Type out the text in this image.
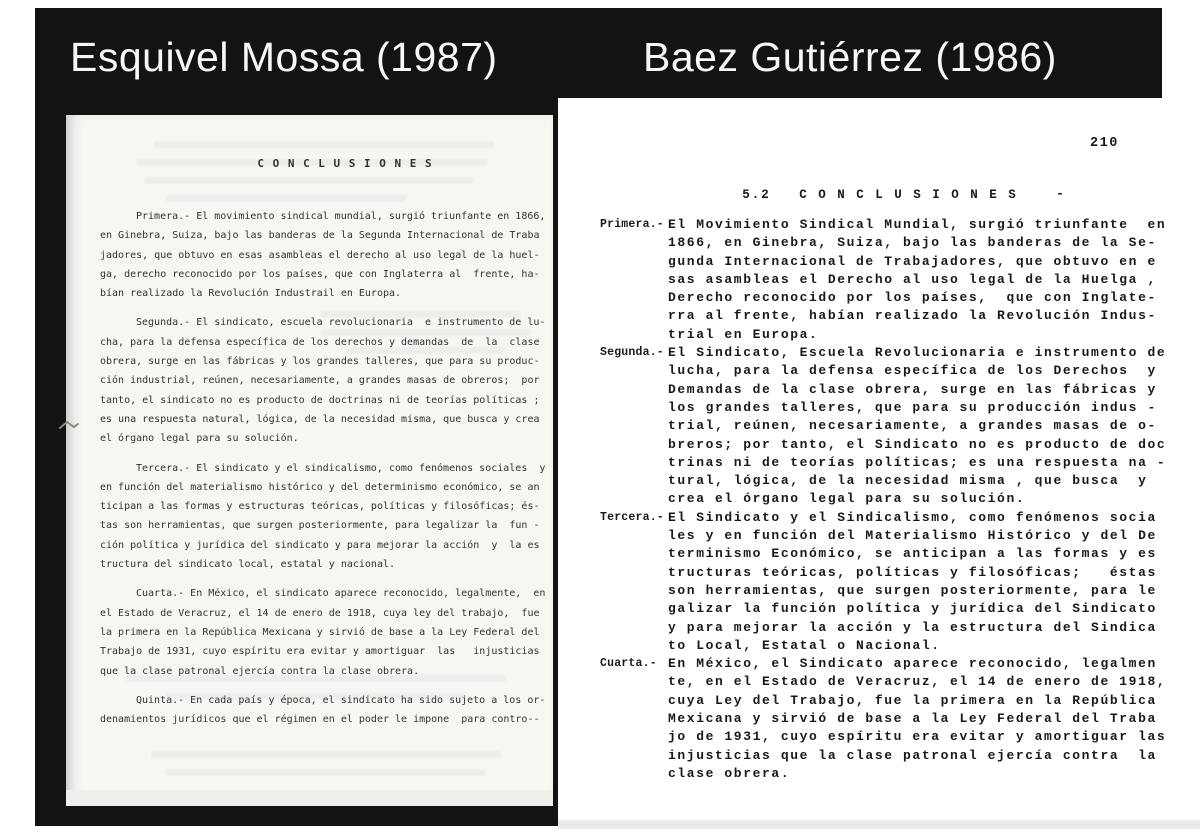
Esquivel Mossa (1987)	Baez Gutiérrez (1986)
C O N C L U S I O N E S
Primera.- El movimiento sindical mundial, surgió triunfante en 1866,
en Ginebra, Suiza, bajo las banderas de la Segunda Internacional de Traba
jadores, que obtuvo en esas asambleas el derecho al uso legal de la huel-
ga, derecho reconocido por los países, que con Inglaterra al  frente, ha-
bían realizado la Revolución Industrail en Europa.
Segunda.- El sindicato, escuela revolucionaria  e instrumento de lu-
cha, para la defensa específica de los derechos y demandas  de  la  clase
obrera, surge en las fábricas y los grandes talleres, que para su produc-
ción industrial, reúnen, necesariamente, a grandes masas de obreros;  por
tanto, el sindicato no es producto de doctrinas ni de teorías políticas ;
es una respuesta natural, lógica, de la necesidad misma, que busca y crea
el órgano legal para su solución.
Tercera.- El sindicato y el sindicalismo, como fenómenos sociales  y
en función del materialismo histórico y del determinismo económico, se an
ticipan a las formas y estructuras teóricas, políticas y filosóficas; és-
tas son herramientas, que surgen posteriormente, para legalizar la  fun -
ción política y jurídica del sindicato y para mejorar la acción  y  la es
tructura del sindicato local, estatal y nacional.
Cuarta.- En México, el sindicato aparece reconocido, legalmente,  en
el Estado de Veracruz, el 14 de enero de 1918, cuya ley del trabajo,  fue
la primera en la República Mexicana y sirvió de base a la Ley Federal del
Trabajo de 1931, cuyo espíritu era evitar y amortiguar  las   injusticias
que la clase patronal ejercía contra la clase obrera.
Quinta.- En cada país y época, el sindicato ha sido sujeto a los or-
denamientos jurídicos que el régimen en el poder le impone  para contro--
210
5.2   C O N C L U S I O N E S	-
Primera.- El Movimiento Sindical Mundial, surgió triunfante  en
1866, en Ginebra, Suiza, bajo las banderas de la Se-
gunda Internacional de Trabajadores, que obtuvo en e
sas asambleas el Derecho al uso legal de la Huelga ,
Derecho reconocido por los países,  que con Inglate-
rra al frente, habían realizado la Revolución Indus-
trial en Europa.
Segunda.- El Sindicato, Escuela Revolucionaria e instrumento de
lucha, para la defensa específica de los Derechos  y
Demandas de la clase obrera, surge en las fábricas y
los grandes talleres, que para su producción indus -
trial, reúnen, necesariamente, a grandes masas de o-
breros; por tanto, el Sindicato no es producto de doc
trinas ni de teorías políticas; es una respuesta na -
tural, lógica, de la necesidad misma , que busca  y
crea el órgano legal para su solución.
Tercera.- El Sindicato y el Sindicalismo, como fenómenos socia
les y en función del Materialismo Histórico y del De
terminismo Económico, se anticipan a las formas y es
tructuras teóricas, políticas y filosóficas;   éstas
son herramientas, que surgen posteriormente, para le
galizar la función política y jurídica del Sindicato
y para mejorar la acción y la estructura del Sindica
to Local, Estatal o Nacional.
Cuarta.- En México, el Sindicato aparece reconocido, legalmen
te, en el Estado de Veracruz, el 14 de enero de 1918,
cuya Ley del Trabajo, fue la primera en la República
Mexicana y sirvió de base a la Ley Federal del Traba
jo de 1931, cuyo espíritu era evitar y amortiguar las
injusticias que la clase patronal ejercía contra  la
clase obrera.
